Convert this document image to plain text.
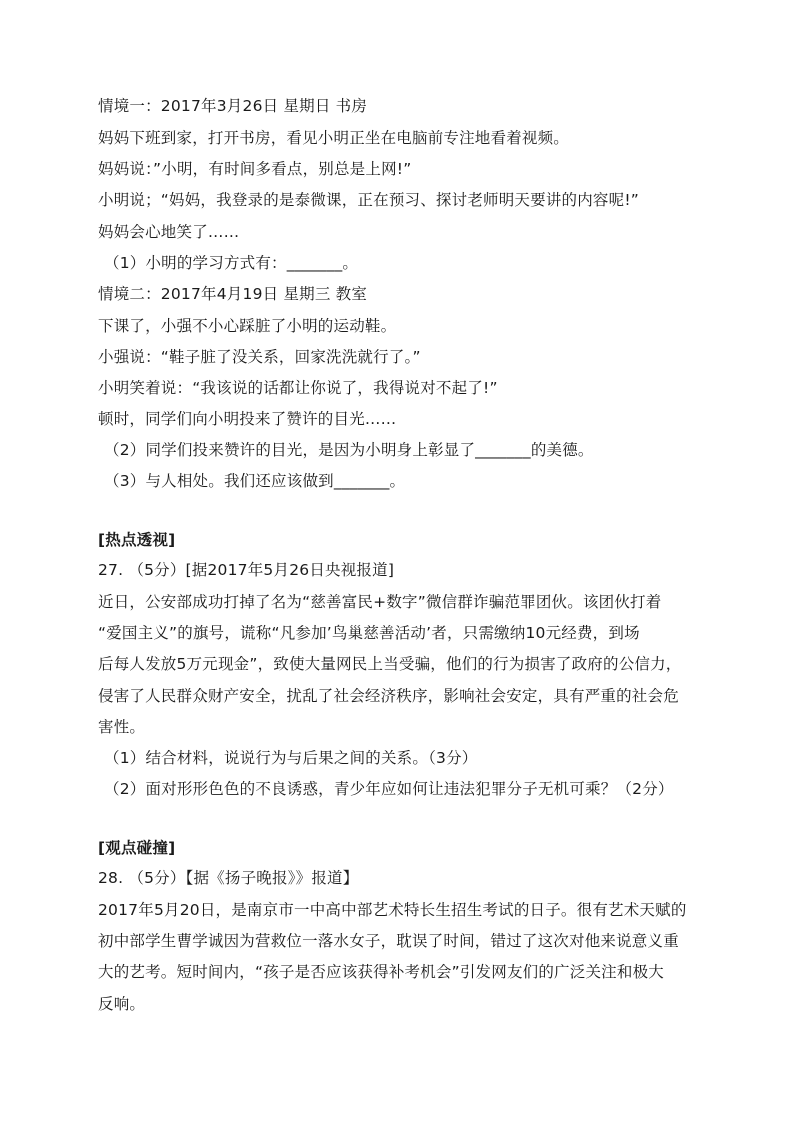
情境一：2017年3月26日 星期日 书房
妈妈下班到家，打开书房，看见小明正坐在电脑前专注地看着视频。
妈妈说：”小明，有时间多看点，别总是上网!”
小明说；“妈妈，我登录的是泰微课，正在预习、探讨老师明天要讲的内容呢!”
妈妈会心地笑了……
（1）小明的学习方式有：_______。
情境二：2017年4月19日 星期三 教室
下课了，小强不小心踩脏了小明的运动鞋。
小强说：“鞋子脏了没关系，回家洗洗就行了。”
小明笑着说：“我该说的话都让你说了，我得说对不起了!”
顿时，同学们向小明投来了赞许的目光……
（2）同学们投来赞许的目光，是因为小明身上彰显了_______的美德。
（3）与人相处。我们还应该做到_______。
[热点透视]
27. （5分）[据2017年5月26日央视报道]
近日，公安部成功打掉了名为“慈善富民+数字”微信群诈骗范罪团伙。该团伙打着
“爱国主义”的旗号，谎称“凡参加’鸟巢慈善活动’者，只需缴纳10元经费，到场
后每人发放5万元现金”，致使大量网民上当受骗，他们的行为损害了政府的公信力，
侵害了人民群众财产安全，扰乱了社会经济秩序，影响社会安定，具有严重的社会危
害性。
（1）结合材料，说说行为与后果之间的关系。（3分）
（2）面对形形色色的不良诱惑，青少年应如何让违法犯罪分子无机可乘？（2分）
[观点碰撞]
28. （5分）【据《扬子晚报》》报道】
2017年5月20日，是南京市一中高中部艺术特长生招生考试的日子。很有艺术天赋的
初中部学生曹学诚因为营救位一落水女子，耽误了时间，错过了这次对他来说意义重
大的艺考。短时间内，“孩子是否应该获得补考机会”引发网友们的广泛关注和极大
反响。
